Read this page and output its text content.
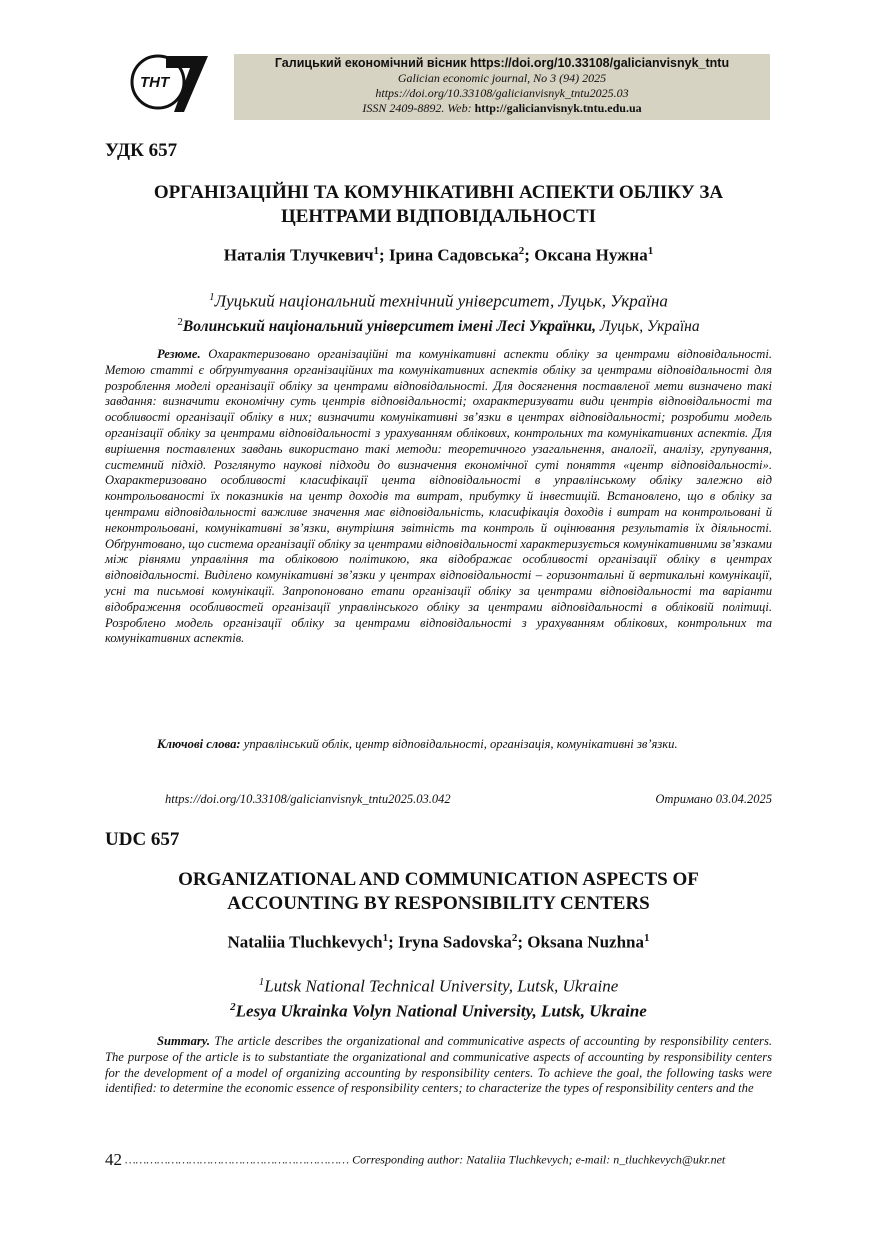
THT
Галицький економічний вісник https://doi.org/10.33108/galicianvisnyk_tntu
Galician economic journal, No 3 (94) 2025
https://doi.org/10.33108/galicianvisnyk_tntu2025.03
ISSN 2409-8892. Web: http://galicianvisnyk.tntu.edu.ua
УДК 657
ОРГАНІЗАЦІЙНІ ТА КОМУНІКАТИВНІ АСПЕКТИ ОБЛІКУ ЗА
ЦЕНТРАМИ ВІДПОВІДАЛЬНОСТІ
Наталія Тлучкевич$^1$; Ірина Садовська$^2$; Оксана Нужна$^1$
$^1$Луцький національний технічний університет, Луцьк, Україна
$^2$Волинський національний університет імені Лесі Українки, Луцьк, Україна

Резюме. Охарактеризовано організаційні та комунікативні аспекти обліку за центрами відповідальності. Метою статті є обґрунтування організаційних та комунікативних аспектів обліку за центрами відповідальності для розроблення моделі організації обліку за центрами відповідальності. Для досягнення поставленої мети визначено такі завдання: визначити економічну суть центрів відповідальності; охарактеризувати види центрів відповідальності та особливості організації обліку в них; визначити комунікативні зв’язки в центрах відповідальності; розробити модель організації обліку за центрами відповідальності з урахуванням облікових, контрольних та комунікативних аспектів. Для вирішення поставлених завдань використано такі методи: теоретичного узагальнення, аналогії, аналізу, групування, системний підхід. Розглянуто наукові підходи до визначення економічної суті поняття «центр відповідальності». Охарактеризовано особливості класифікації цента відповідальності в управлінському обліку залежно від контрольованості їх показників на центр доходів та витрат, прибутку й інвестицій. Встановлено, що в обліку за центрами відповідальності важливе значення має відповідальність, класифікація доходів і витрат на контрольовані й неконтрольовані, комунікативні зв’язки, внутрішня звітність та контроль й оцінювання результатів їх діяльності. Обґрунтовано, що система організації обліку за центрами відповідальності характеризується комунікативними зв’язками між рівнями управління та обліковою політикою, яка відображає особливості організації обліку в центрах відповідальності. Виділено комунікативні зв’язки у центрах відповідальності – горизонтальні й вертикальні комунікації, усні та письмові комунікації. Запропоновано етапи організації обліку за центрами відповідальності та варіанти відображення особливостей організації управлінського обліку за центрами відповідальності в обліковій політиці. Розроблено модель організації обліку за центрами відповідальності з урахуванням облікових, контрольних та комунікативних аспектів.

Ключові слова: управлінський облік, центр відповідальності, організація, комунікативні зв’язки.

https://doi.org/10.33108/galicianvisnyk_tntu2025.03.042	Отримано 03.04.2025
UDC 657
ORGANIZATIONAL AND COMMUNICATION ASPECTS OF
ACCOUNTING BY RESPONSIBILITY CENTERS
Nataliia Tluchkevych$^1$; Iryna Sadovska$^2$; Oksana Nuzhna$^1$
$^1$Lutsk National Technical University, Lutsk, Ukraine
$^2$Lesya Ukrainka Volyn National University, Lutsk, Ukraine

Summary. The article describes the organizational and communicative aspects of accounting by responsibility centers. The purpose of the article is to substantiate the organizational and communicative aspects of accounting by responsibility centers for the development of a model of organizing accounting by responsibility centers. To achieve the goal, the following tasks were identified: to determine the economic essence of responsibility centers; to characterize the types of responsibility centers and the

42 ……………………………………………………… Corresponding author: Nataliia Tluchkevych; e-mail: n_tluchkevych@ukr.net
